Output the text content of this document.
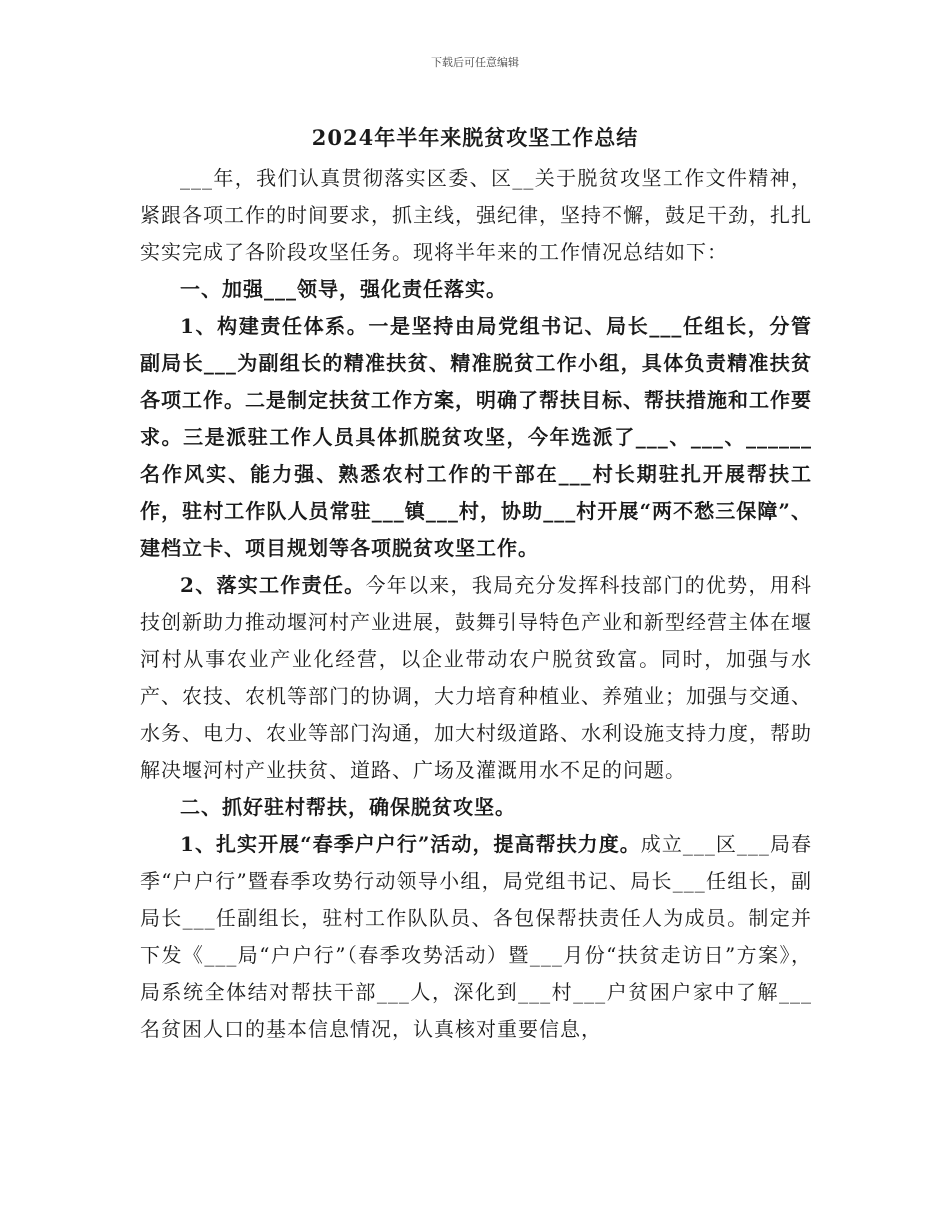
下载后可任意编辑
2024年半年来脱贫攻坚工作总结

___年，我们认真贯彻落实区委、区__关于脱贫攻坚工作文件精神，紧跟各项工作的时间要求，抓主线，强纪律，坚持不懈，鼓足干劲，扎扎实实完成了各阶段攻坚任务。现将半年来的工作情况总结如下：

一、加强___领导，强化责任落实。

1、构建责任体系。一是坚持由局党组书记、局长___任组长，分管副局长___为副组长的精准扶贫、精准脱贫工作小组，具体负责精准扶贫各项工作。二是制定扶贫工作方案，明确了帮扶目标、帮扶措施和工作要求。三是派驻工作人员具体抓脱贫攻坚，今年选派了___、___、______名作风实、能力强、熟悉农村工作的干部在___村长期驻扎开展帮扶工作，驻村工作队人员常驻___镇___村，协助___村开展“两不愁三保障”、建档立卡、项目规划等各项脱贫攻坚工作。

2、落实工作责任。今年以来，我局充分发挥科技部门的优势，用科技创新助力推动堰河村产业进展，鼓舞引导特色产业和新型经营主体在堰河村从事农业产业化经营，以企业带动农户脱贫致富。同时，加强与水产、农技、农机等部门的协调，大力培育种植业、养殖业；加强与交通、水务、电力、农业等部门沟通，加大村级道路、水利设施支持力度，帮助解决堰河村产业扶贫、道路、广场及灌溉用水不足的问题。

二、抓好驻村帮扶，确保脱贫攻坚。

1、扎实开展“春季户户行”活动，提高帮扶力度。成立___区___局春季“户户行”暨春季攻势行动领导小组，局党组书记、局长___任组长，副局长___任副组长，驻村工作队队员、各包保帮扶责任人为成员。制定并下发《___局“户户行”（春季攻势活动）暨___月份“扶贫走访日”方案》，局系统全体结对帮扶干部___人，深化到___村___户贫困户家中了解___名贫困人口的基本信息情况，认真核对重要信息，
